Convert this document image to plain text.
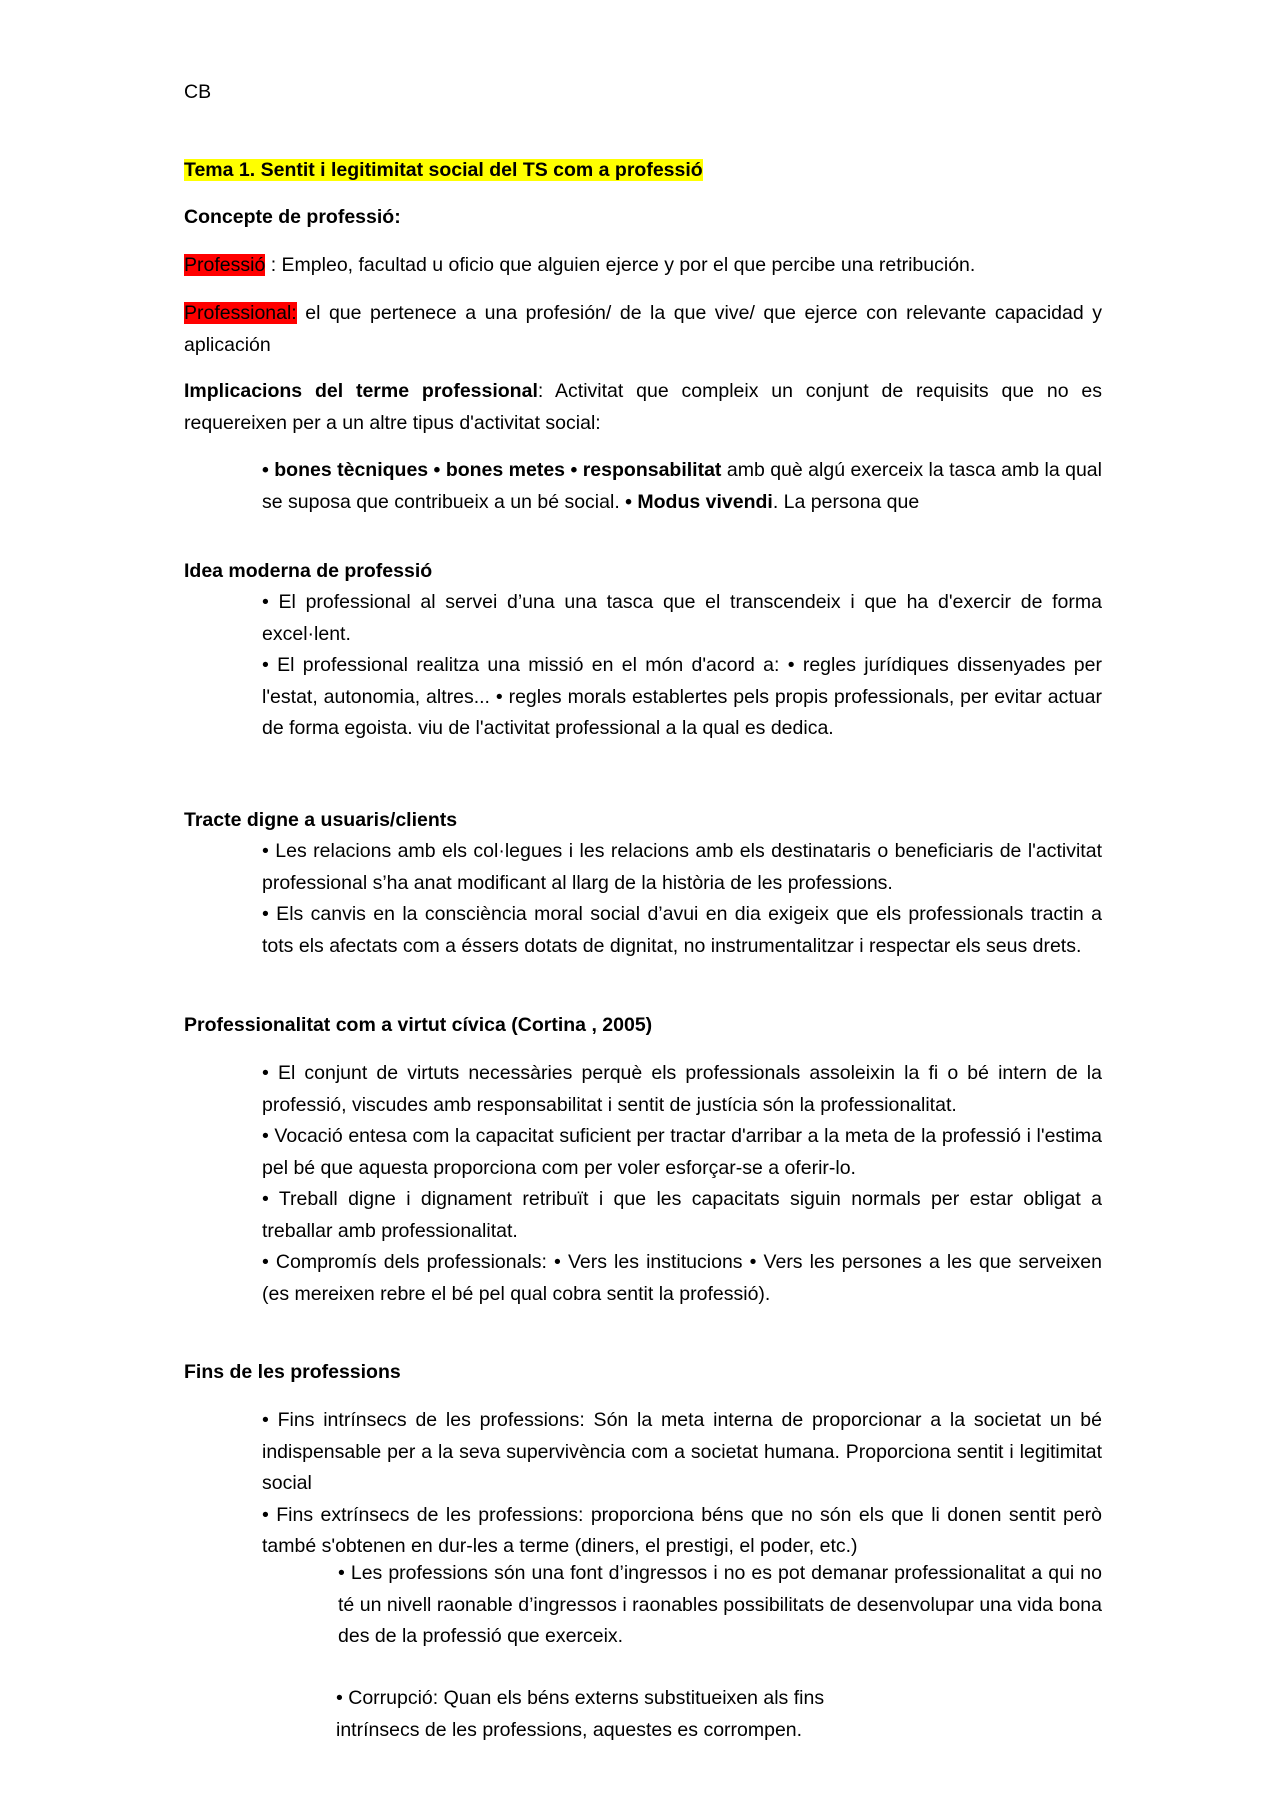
CB

Tema 1. Sentit i legitimitat social del TS com a professió

Concepte de professió:

Professió : Empleo, facultad u oficio que alguien ejerce y por el que percibe una retribución.

Professional: el que pertenece a una profesión/ de la que vive/ que ejerce con relevante capacidad y aplicación

Implicacions del terme professional: Activitat que compleix un conjunt de requisits que no es requereixen per a un altre tipus d'activitat social:

• bones tècniques • bones metes • responsabilitat amb què algú exerceix la tasca amb la qual se suposa que contribueix a un bé social. • Modus vivendi. La persona que

Idea moderna de professió

• El professional al servei d’una una tasca que el transcendeix i que ha d'exercir de forma excel·lent.

• El professional realitza una missió en el món d'acord a: • regles jurídiques dissenyades per l'estat, autonomia, altres... • regles morals establertes pels propis professionals, per evitar actuar de forma egoista. viu de l'activitat professional a la qual es dedica.

Tracte digne a usuaris/clients

• Les relacions amb els col·legues i les relacions amb els destinataris o beneficiaris de l'activitat professional s’ha anat modificant al llarg de la història de les professions.

• Els canvis en la consciència moral social d’avui en dia exigeix que els professionals tractin a tots els afectats com a éssers dotats de dignitat, no instrumentalitzar i respectar els seus drets.

Professionalitat com a virtut cívica (Cortina , 2005)

• El conjunt de virtuts necessàries perquè els professionals assoleixin la fi o bé intern de la professió, viscudes amb responsabilitat i sentit de justícia són la professionalitat.

• Vocació entesa com la capacitat suficient per tractar d'arribar a la meta de la professió i l'estima pel bé que aquesta proporciona com per voler esforçar-se a oferir-lo.

• Treball digne i dignament retribuït i que les capacitats siguin normals per estar obligat a treballar amb professionalitat.

• Compromís dels professionals: • Vers les institucions • Vers les persones a les que serveixen (es mereixen rebre el bé pel qual cobra sentit la professió).

Fins de les professions

• Fins intrínsecs de les professions: Són la meta interna de proporcionar a la societat un bé indispensable per a la seva supervivència com a societat humana. Proporciona sentit i legitimitat social

• Fins extrínsecs de les professions: proporciona béns que no són els que li donen sentit però també s'obtenen en dur-les a terme (diners, el prestigi, el poder, etc.)

• Les professions són una font d’ingressos i no es pot demanar professionalitat a qui no té un nivell raonable d’ingressos i raonables possibilitats de desenvolupar una vida bona des de la professió que exerceix.

• Corrupció: Quan els béns externs substitueixen als fins

intrínsecs de les professions, aquestes es corrompen.
